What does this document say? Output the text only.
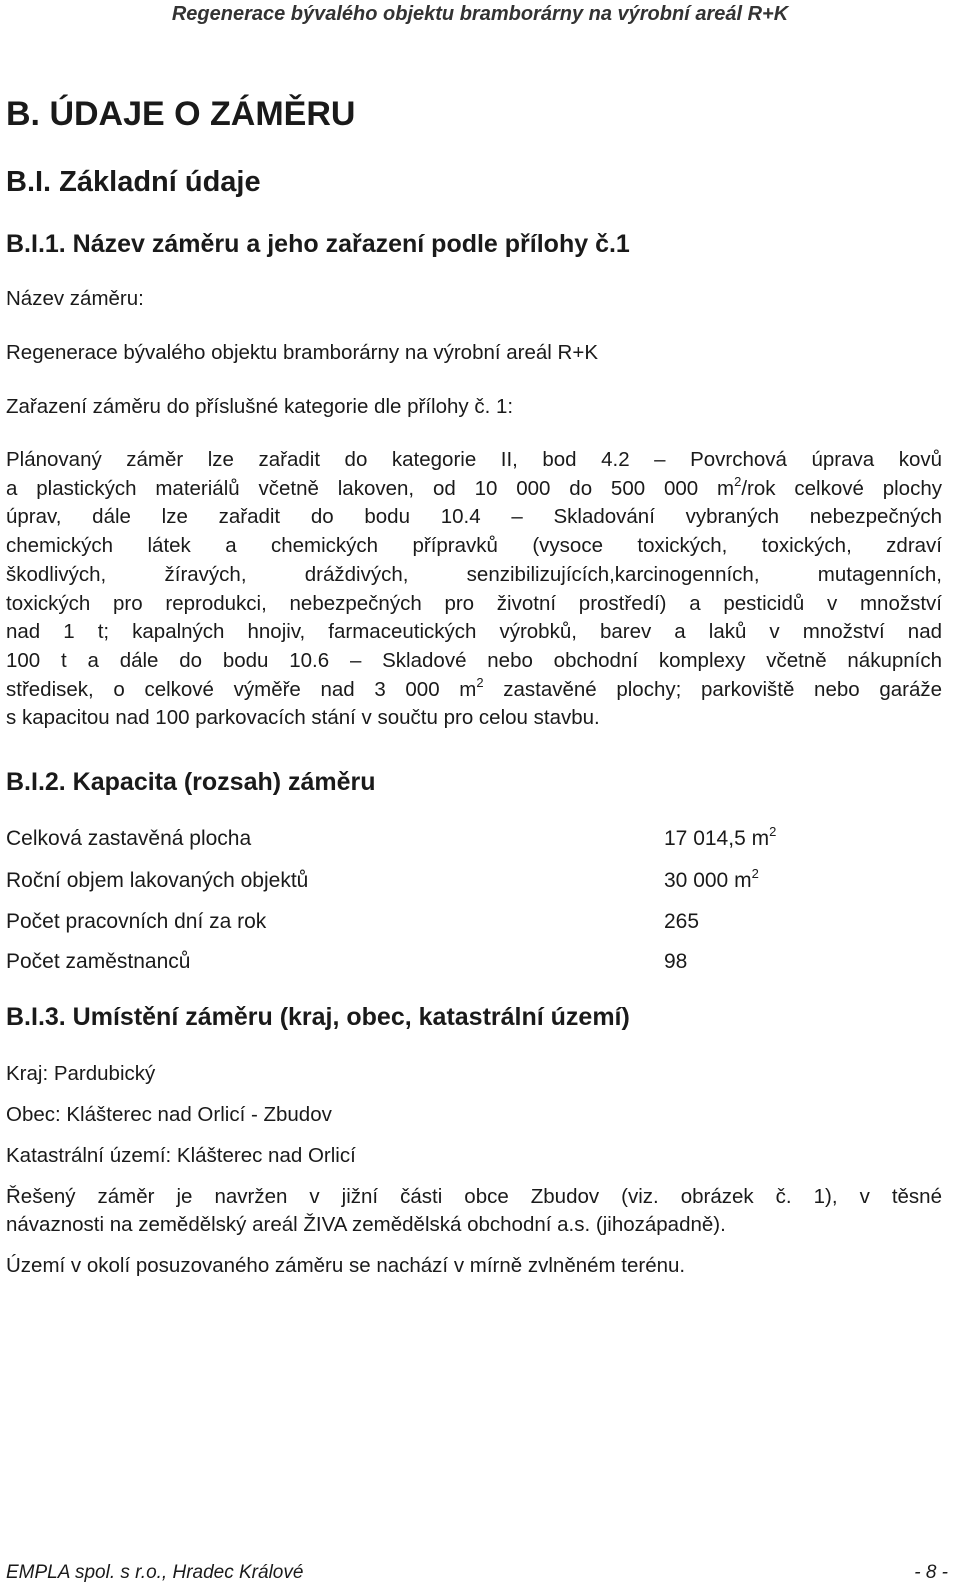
Regenerace bývalého objektu bramborárny na výrobní areál R+K
B. ÚDAJE O ZÁMĚRU
B.I. Základní údaje
B.I.1. Název záměru a jeho zařazení podle přílohy č.1
Název záměru:
Regenerace bývalého objektu bramborárny na výrobní areál R+K
Zařazení záměru do příslušné kategorie dle přílohy č. 1:
Plánovaný záměr lze zařadit do kategorie II, bod 4.2 – Povrchová úprava kovů
a plastických materiálů včetně lakoven, od 10 000 do 500 000 $m^2$/rok celkové plochy
úprav, dále lze zařadit do bodu 10.4 – Skladování vybraných nebezpečných
chemických látek a chemických přípravků (vysoce toxických, toxických, zdraví
škodlivých, žíravých, dráždivých, senzibilizujících,karcinogenních, mutagenních,
toxických pro reprodukci, nebezpečných pro životní prostředí) a pesticidů v množství
nad 1 t; kapalných hnojiv, farmaceutických výrobků, barev a laků v množství nad
100 t a dále do bodu 10.6 – Skladové nebo obchodní komplexy včetně nákupních
středisek, o celkové výměře nad 3 000 $m^2$ zastavěné plochy; parkoviště nebo garáže
s kapacitou nad 100 parkovacích stání v součtu pro celou stavbu.
B.I.2. Kapacita (rozsah) záměru
Celková zastavěná plocha	17 014,5 $m^2$
Roční objem lakovaných objektů	30 000 $m^2$
Počet pracovních dní za rok	265
Počet zaměstnanců	98
B.I.3. Umístění záměru (kraj, obec, katastrální území)
Kraj: Pardubický
Obec: Klášterec nad Orlicí - Zbudov
Katastrální území: Klášterec nad Orlicí
Řešený záměr je navržen v jižní části obce Zbudov (viz. obrázek č. 1), v těsné
návaznosti na zemědělský areál ŽIVA zemědělská obchodní a.s. (jihozápadně).
Území v okolí posuzovaného záměru se nachází v mírně zvlněném terénu.
EMPLA spol. s r.o., Hradec Králové	- 8 -
